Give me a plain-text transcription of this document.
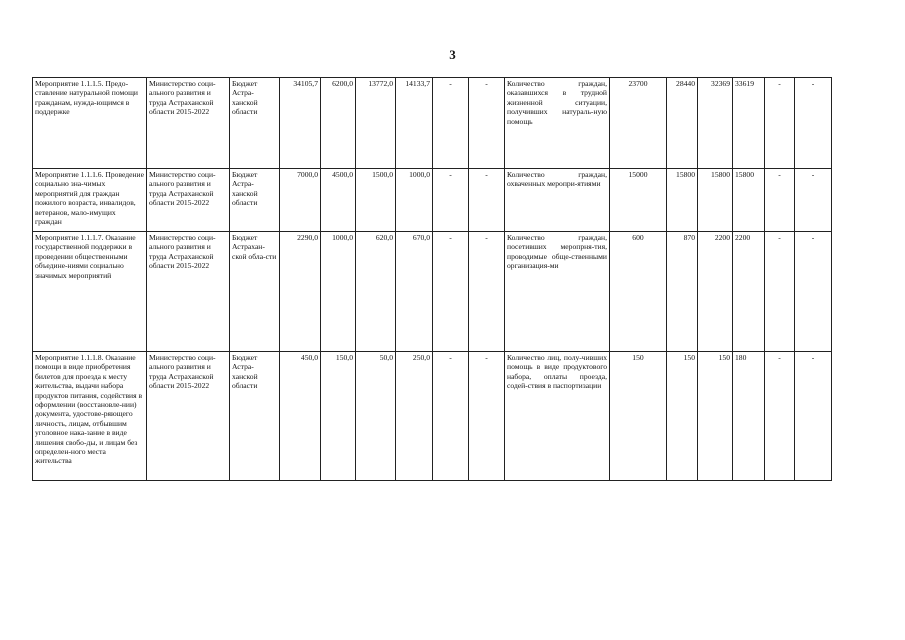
3
Мероприятие 1.1.1.5. Предо-ставление натуральной помощи гражданам, нужда-ющимся в поддержке	Министерство соци-ального развития и труда Астраханской области 2015-2022	Бюджет Астра-ханской области	34105,7	6200,0	13772,0	14133,7	-	-	Количество граждан, оказавшихся в трудной жизненной ситуации, получивших натураль-ную помощь	23700	28440	32369	33619	-	-
Мероприятие 1.1.1.6. Проведение социально зна-чимых мероприятий для граждан пожилого возраста, инвалидов, ветеранов, мало-имущих граждан	Министерство соци-ального развития и труда Астраханской области 2015-2022	Бюджет Астра-ханской области	7000,0	4500,0	1500,0	1000,0	-	-	Количество граждан, охваченных меропри-ятиями	15000	15800	15800	15800	-	-
Мероприятие 1.1.1.7. Оказание государственной поддержки в проведении общественными объедине-ниями социально значимых мероприятий	Министерство соци-ального развития и труда Астраханской области 2015-2022	Бюджет Астрахан-ской обла-сти	2290,0	1000,0	620,0	670,0	-	-	Количество граждан, посетивших меропрня-тия, проводимые обще-ственными организация-ми	600	870	2200	2200	-	-
Мероприятие 1.1.1.8. Оказание помощи в виде приобретения билетов для проезда к месту жительства, выдачи набора продуктов питания, содействия в оформлении (восстановле-нии) документа, удостове-ряющего личность, лицам, отбывшим уголовное нака-зание в виде лишения свобо-ды, и лицам без определен-ного места жительства	Министерство соци-ального развития и труда Астраханской области 2015-2022	Бюджет Астра-ханской области	450,0	150,0	50,0	250,0	-	-	Количество лиц, полу-чивших помощь в виде продуктового набора, оплаты проезда, содей-ствия в паспортизации	150	150	150	180	-	-
